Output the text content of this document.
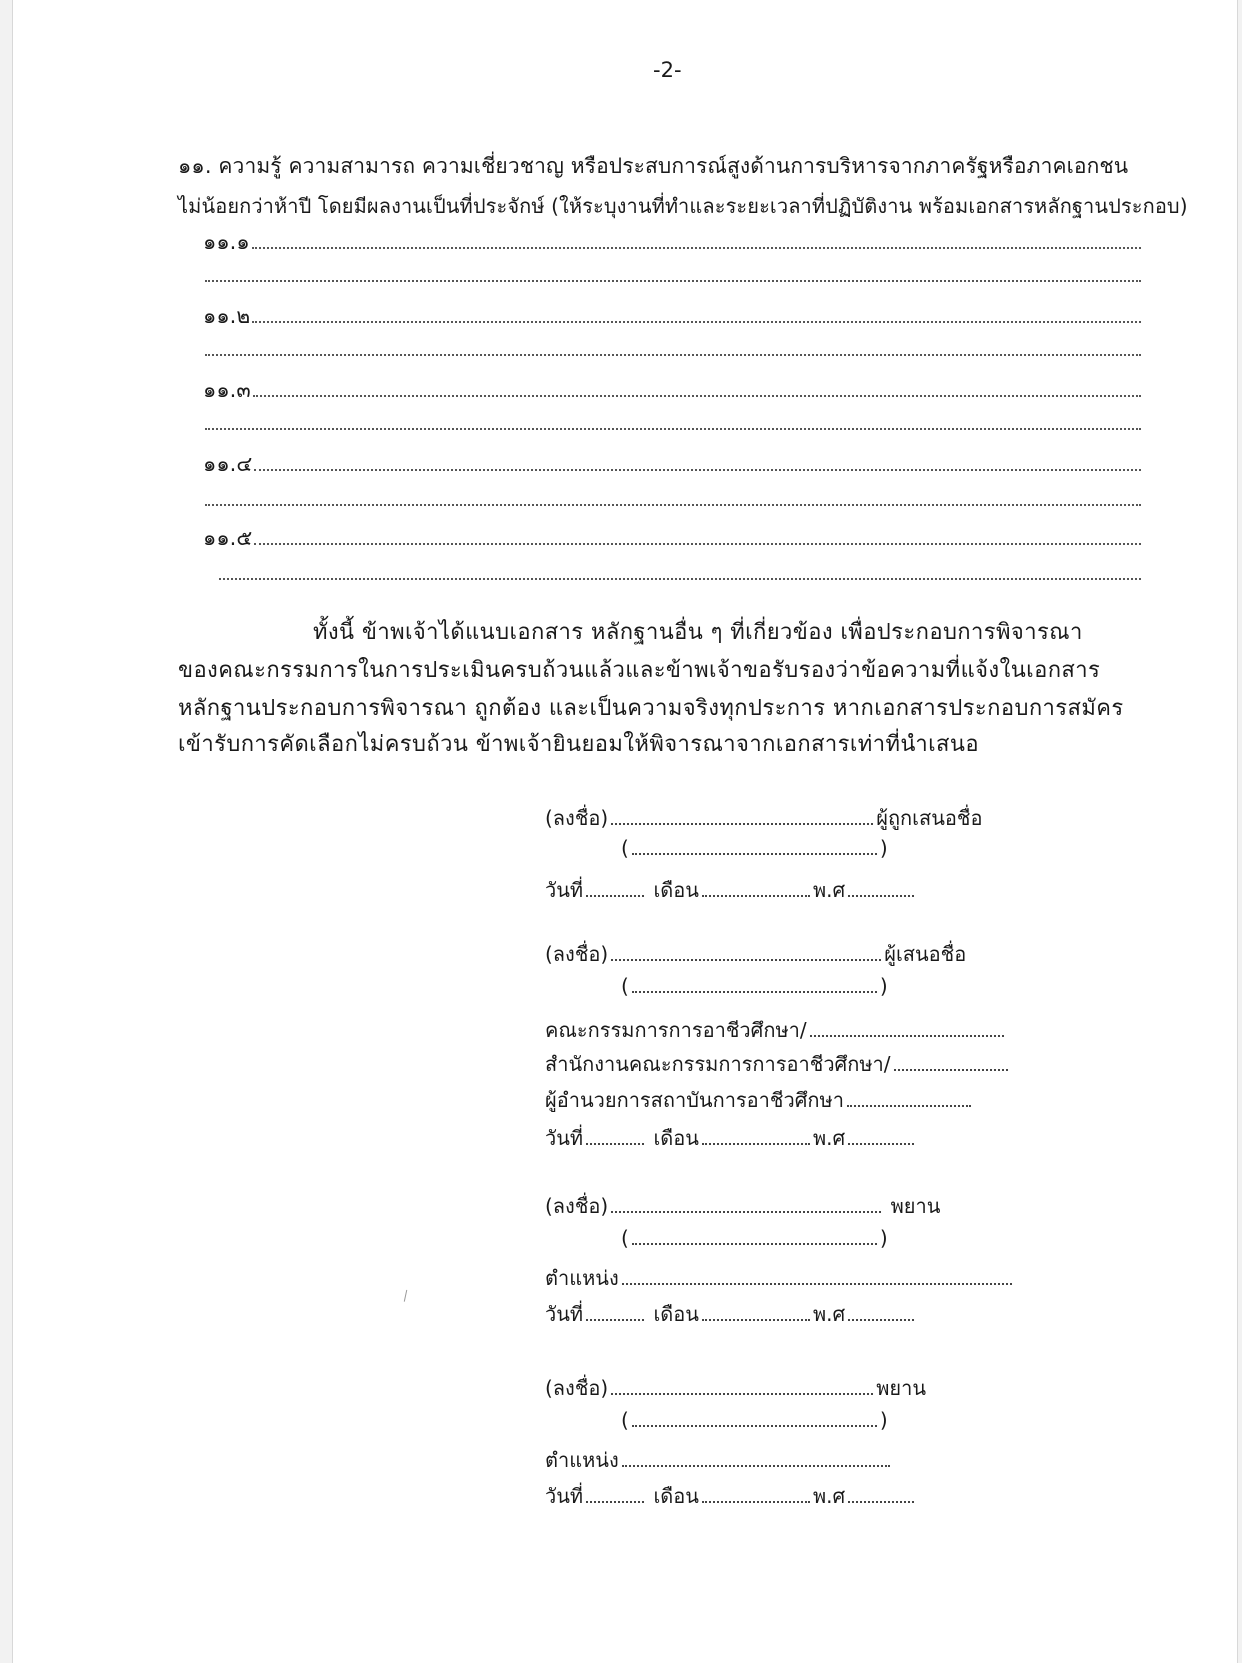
-2-
๑๑. ความรู้ ความสามารถ ความเชี่ยวชาญ หรือประสบการณ์สูงด้านการบริหารจากภาครัฐหรือภาคเอกชน
ไม่น้อยกว่าห้าปี โดยมีผลงานเป็นที่ประจักษ์ (ให้ระบุงานที่ทำและระยะเวลาที่ปฏิบัติงาน พร้อมเอกสารหลักฐานประกอบ)
๑๑.๑
๑๑.๒
๑๑.๓
๑๑.๔
๑๑.๕
ทั้งนี้ ข้าพเจ้าได้แนบเอกสาร หลักฐานอื่น ๆ ที่เกี่ยวข้อง เพื่อประกอบการพิจารณา
ของคณะกรรมการในการประเมินครบถ้วนแล้วและข้าพเจ้าขอรับรองว่าข้อความที่แจ้งในเอกสาร
หลักฐานประกอบการพิจารณา ถูกต้อง และเป็นความจริงทุกประการ หากเอกสารประกอบการสมัคร
เข้ารับการคัดเลือกไม่ครบถ้วน ข้าพเจ้ายินยอมให้พิจารณาจากเอกสารเท่าที่นำเสนอ
(ลงชื่อ)	ผู้ถูกเสนอชื่อ
(	)
วันที่	เดือน	พ.ศ
(ลงชื่อ)	ผู้เสนอชื่อ
(	)
คณะกรรมการการอาชีวศึกษา/
สำนักงานคณะกรรมการการอาชีวศึกษา/
ผู้อำนวยการสถาบันการอาชีวศึกษา
วันที่	เดือน	พ.ศ
(ลงชื่อ)	พยาน
(	)
ตำแหน่ง
วันที่	เดือน	พ.ศ
(ลงชื่อ)	พยาน
(	)
ตำแหน่ง
วันที่	เดือน	พ.ศ
